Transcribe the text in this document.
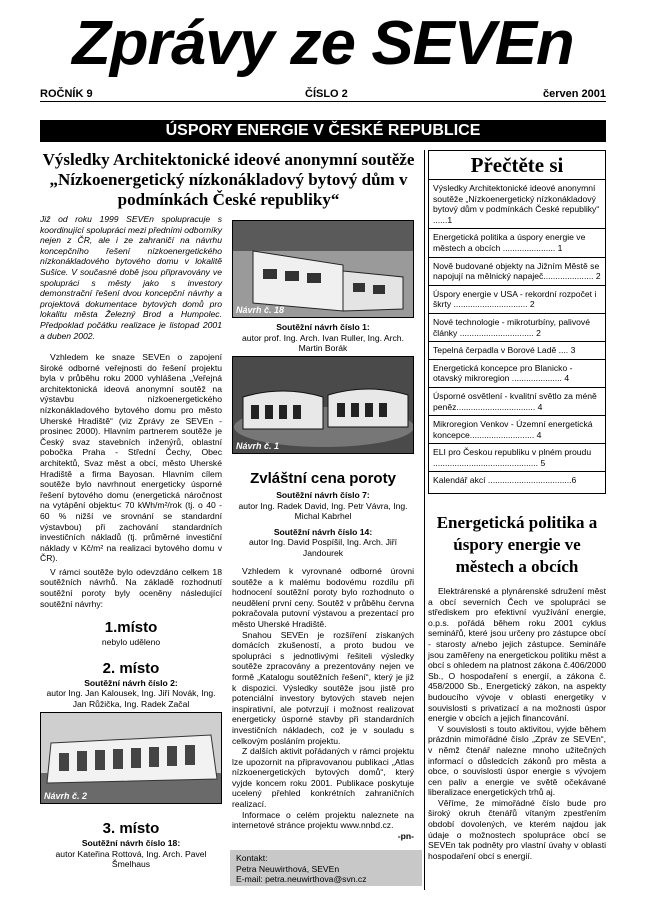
Zprávy ze SEVEn
ROČNÍK 9	ČÍSLO 2	červen 2001
ÚSPORY ENERGIE V ČESKÉ REPUBLICE
Výsledky Architektonické ideové anonymní soutěže „Nízkoenergetický nízkonákladový bytový dům v podmínkách České republiky“
Již od roku 1999 SEVEn spolupracuje s koordinující spolupráci mezi předními odborníky nejen z ČR, ale i ze zahraničí na návrhu koncepčního řešení nízkoenergetického nízkonákladového bytového domu v lokalitě Sušice. V současné době jsou připravovány ve spolupráci s městy jako s investory demonstrační řešení dvou koncepční návrhy a projektová dokumentace bytových domů pro lokalitu města Železný Brod a Humpolec. Předpoklad počátku realizace je listopad 2001 a duben 2002.

Vzhledem ke snaze SEVEn o zapojení široké odborné veřejnosti do řešení projektu byla v průběhu roku 2000 vyhlášena „Veřejná architektonická ideová anonymní soutěž na výstavbu nízkoenergetického nízkonákladového bytového domu pro město Uherské Hradiště“ (viz Zprávy ze SEVEn - prosinec 2000). Hlavním partnerem soutěže je Český svaz stavebních inženýrů, oblastní pobočka Praha - Střední Čechy, Obec architektů, Svaz měst a obcí, město Uherské Hradiště a firma Bayosan. Hlavním cílem soutěže bylo navrhnout energeticky úsporné řešení bytového domu (energetická náročnost na vytápění objektu< 70 kWh/m²/rok (tj. o 40 - 60 % nižší ve srovnání se standardní výstavbou) při zachování standardních investičních nákladů (tj. průměrné investiční náklady v Kč/m² na realizaci bytového domu v ČR).

V rámci soutěže bylo odevzdáno celkem 18 soutěžních návrhů. Na základě rozhodnutí soutěžní poroty byly oceněny následující soutěžní návrhy:

1.místo
nebylo uděleno
2. místo
Soutěžní návrh číslo 2:
autor Ing. Jan Kalousek, Ing. Jiří Novák, Ing. Jan Růžička, Ing. Radek Začal
Návrh č. 2
3. místo
Soutěžní návrh číslo 18:
autor Kateřina Rottová, Ing. Arch. Pavel Šmelhaus
Návrh č. 18
Soutěžní návrh číslo 1:
autor prof. Ing. Arch. Ivan Ruller, Ing. Arch. Martin Borák
Návrh č. 1
Zvláštní cena poroty
Soutěžní návrh číslo 7:
autor Ing. Radek David, Ing. Petr Vávra, Ing. Michal Kabrhel
Soutěžní návrh číslo 14:
autor Ing. David Pospíšil, Ing. Arch. Jiří Jandourek

Vzhledem k vyrovnané odborné úrovni soutěže a k malému bodovému rozdílu při hodnocení soutěžní poroty bylo rozhodnuto o neudělení první ceny. Soutěž v průběhu června pokračovala putovní výstavou a prezentací pro město Uherské Hradiště.

Snahou SEVEn je rozšíření získaných domácích zkušeností, a proto budou ve spolupráci s jednotlivými řešiteli výsledky soutěže zpracovány a prezentovány nejen ve formě „Katalogu soutěžních řešení“, který je již k dispozici. Výsledky soutěže jsou jistě pro potenciální investory bytových staveb nejen inspirativní, ale potvrzují i možnost realizovat energeticky úsporné stavby při standardních investičních nákladech, což je v souladu s celkovým posláním projektu.

Z dalších aktivit pořádaných v rámci projektu lze upozornit na připravovanou publikaci „Atlas nízkoenergetických bytových domů“, který vyjde koncem roku 2001. Publikace poskytuje ucelený přehled konkrétních zahraničních realizací.

Informace o celém projektu naleznete na internetové stránce projektu www.nnbd.cz.

-pn-
Kontakt:
Petra Neuwirthová, SEVEn
E-mail: petra.neuwirthova@svn.cz
Přečtěte si
Výsledky Architektonické ideové anonymní soutěže „Nízkoenergetický nízkonákladový bytový dům v podmínkách České republiky“ ......1
Energetická politika a úspory energie ve městech a obcích ...................... 1
Nově budované objekty na Jižním Městě se napojují na mělnický napaječ..................... 2
Úspory energie v USA - rekordní rozpočet i škrty ............................... 2
Nové technologie - mikroturbíny, palivové články ............................... 2
Tepelná čerpadla v Borové Ladě .... 3
Energetická koncepce pro Blanicko - otavský mikroregion ..................... 4
Úsporné osvětlení - kvalitní světlo za méně peněz................................. 4
Mikroregion Venkov - Územní energetická koncepce........................... 4
ELI pro Českou republiku v plném proudu ............................................ 5
Kalendář akcí ...................................6
Energetická politika a úspory energie ve městech a obcích

Elektrárenské a plynárenské sdružení měst a obcí severních Čech ve spolupráci se střediskem pro efektivní využívání energie, o.p.s. pořádá během roku 2001 cyklus seminářů, které jsou určeny pro zástupce obcí - starosty a/nebo jejich zástupce. Semináře jsou zaměřeny na energetickou politiku měst a obcí s ohledem na platnost zákona č.406/2000 Sb., O hospodaření s energií, a zákona č. 458/2000 Sb., Energetický zákon, na aspekty budoucího vývoje v oblasti energetiky v souvislosti s privatizací a na možnosti úspor energie v obcích a jejich financování.

V souvislosti s touto aktivitou, vyjde během prázdnin mimořádné číslo „Zpráv ze SEVEn“, v němž čtenář nalezne mnoho užitečných informací o důsledcích zákonů pro města a obce, o souvislosti úspor energie s vývojem cen paliv a energie ve světě očekávané liberalizace energetických trhů aj.

Věříme, že mimořádné číslo bude pro široký okruh čtenářů vítaným zpestřením období dovolených, ve kterém najdou jak údaje o možnostech spolupráce obcí se SEVEn tak podněty pro vlastní úvahy v oblasti hospodaření obcí s energií.
